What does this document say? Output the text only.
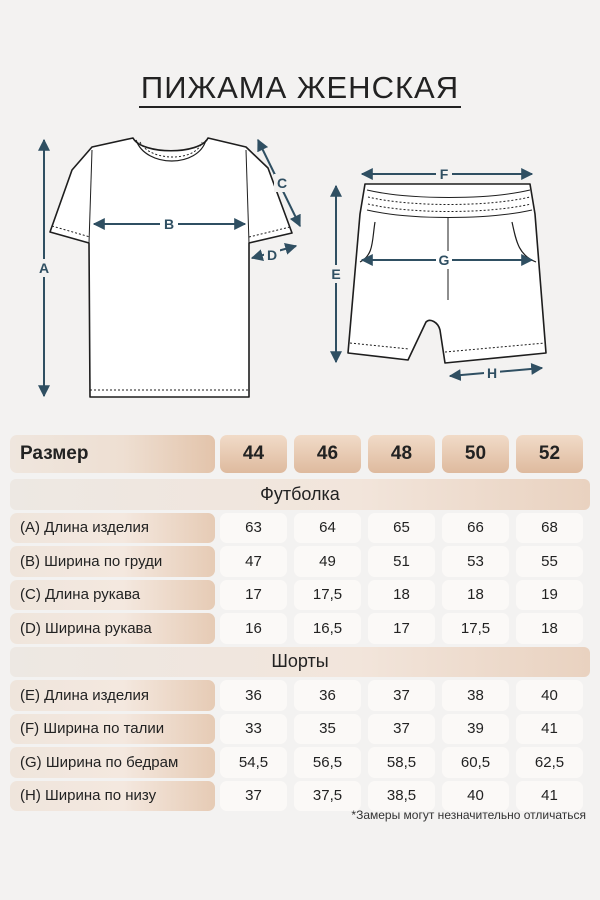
ПИЖАМА ЖЕНСКАЯ
A
B
C
D
F
G
E
H
Размер	44	46	48	50	52
Футболка
(A)
Длина изделия	63	64	65	66	68
(B)
Ширина по груди	47	49	51	53	55
(C)
Длина рукава	17	17,5	18	18	19
(D)
Ширина рукава	16	16,5	17	17,5	18
Шорты
(E)
Длина изделия	36	36	37	38	40
(F)
Ширина по талии	33	35	37	39	41
(G)
Ширина по бедрам	54,5	56,5	58,5	60,5	62,5
(H)
Ширина по низу	37	37,5	38,5	40	41
*Замеры могут незначительно отличаться
